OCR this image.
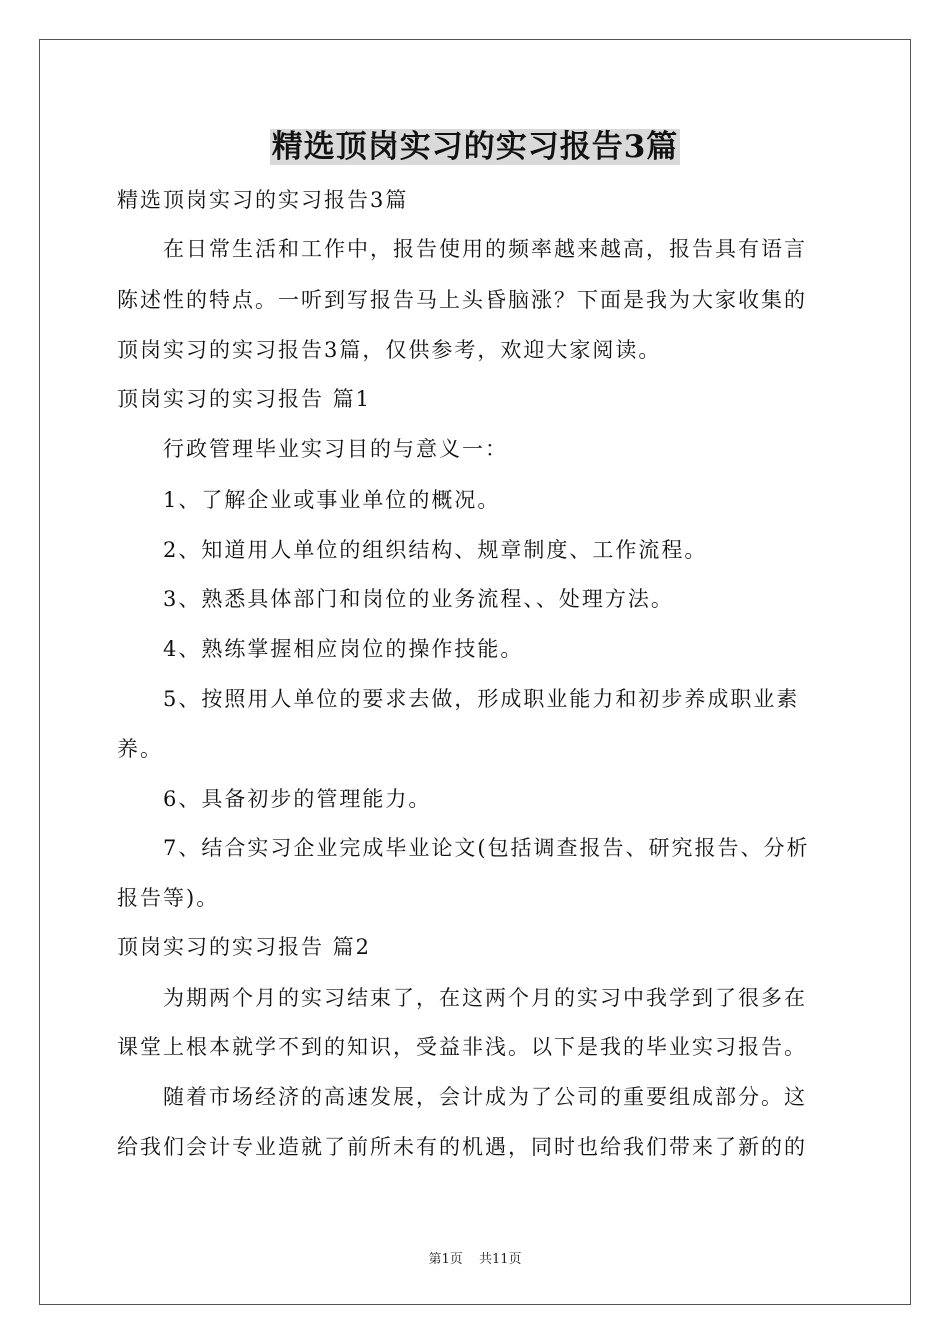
精选顶岗实习的实习报告3篇
精选顶岗实习的实习报告3篇
在日常生活和工作中，报告使用的频率越来越高，报告具有语言
陈述性的特点。一听到写报告马上头昏脑涨？下面是我为大家收集的
顶岗实习的实习报告3篇，仅供参考，欢迎大家阅读。
顶岗实习的实习报告 篇1
行政管理毕业实习目的与意义一：
1、了解企业或事业单位的概况。
2、知道用人单位的组织结构、规章制度、工作流程。
3、熟悉具体部门和岗位的业务流程、、处理方法。
4、熟练掌握相应岗位的操作技能。
5、按照用人单位的要求去做，形成职业能力和初步养成职业素
养。
6、具备初步的管理能力。
7、结合实习企业完成毕业论文(包括调查报告、研究报告、分析
报告等)。
顶岗实习的实习报告 篇2
为期两个月的实习结束了，在这两个月的实习中我学到了很多在
课堂上根本就学不到的知识，受益非浅。以下是我的毕业实习报告。
随着市场经济的高速发展，会计成为了公司的重要组成部分。这
给我们会计专业造就了前所未有的机遇，同时也给我们带来了新的的
第1页 共11页
